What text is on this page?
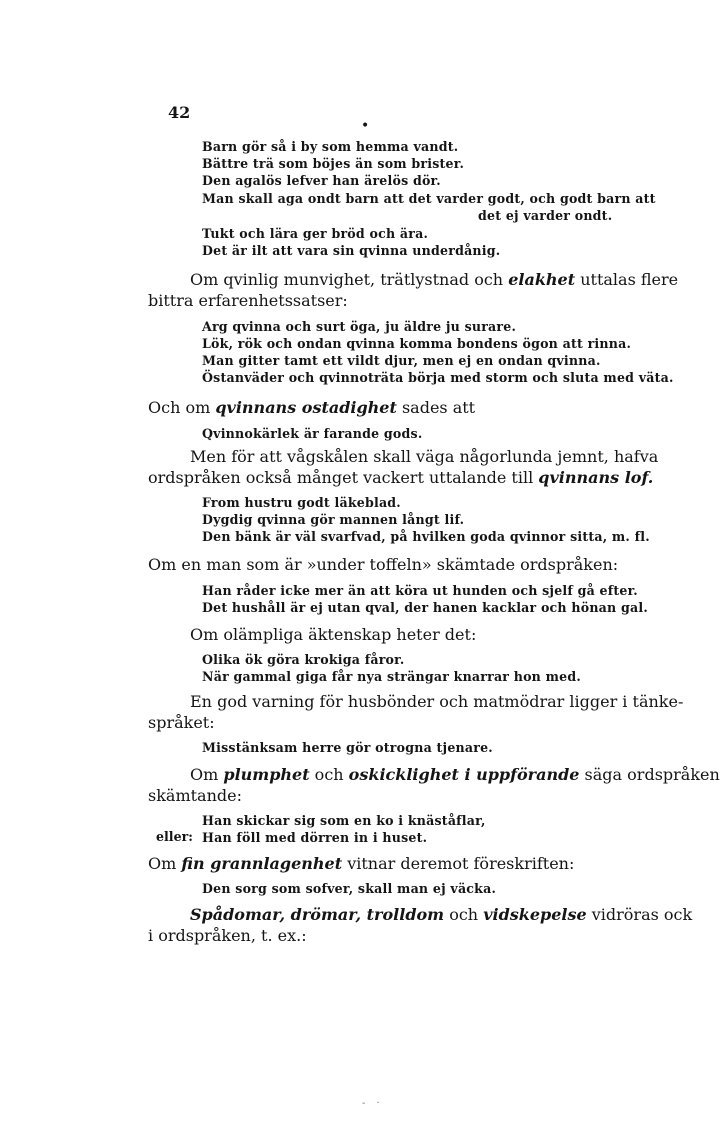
42
•
Barn gör så i by som hemma vandt.
Bättre trä som böjes än som brister.
Den agalös lefver han ärelös dör.
Man skall aga ondt barn att det varder godt, och godt barn att
det ej varder ondt.
Tukt och lära ger bröd och ära.
Det är ilt att vara sin qvinna underdånig.
Om qvinlig munvighet, trätlystnad och elakhet uttalas flere
bittra erfarenhetssatser:
Arg qvinna och surt öga, ju äldre ju surare.
Lök, rök och ondan qvinna komma bondens ögon att rinna.
Man gitter tamt ett vildt djur, men ej en ondan qvinna.
Östanväder och qvinnoträta börja med storm och sluta med väta.
Och om qvinnans ostadighet sades att
Qvinnokärlek är farande gods.
Men för att vågskålen skall väga någorlunda jemnt, hafva
ordspråken också månget vackert uttalande till qvinnans lof.
From hustru godt läkeblad.
Dygdig qvinna gör mannen långt lif.
Den bänk är väl svarfvad, på hvilken goda qvinnor sitta, m. fl.
Om en man som är »under toffeln» skämtade ordspråken:
Han råder icke mer än att köra ut hunden och sjelf gå efter.
Det hushåll är ej utan qval, der hanen kacklar och hönan gal.
Om olämpliga äktenskap heter det:
Olika ök göra krokiga fåror.
När gammal giga får nya strängar knarrar hon med.
En god varning för husbönder och matmödrar ligger i tänke-
språket:
Misstänksam herre gör otrogna tjenare.
Om plumphet och oskicklighet i uppförande säga ordspråken
skämtande:
Han skickar sig som en ko i knäståflar,
eller: Han föll med dörren in i huset.
Om fin grannlagenhet vitnar deremot föreskriften:
Den sorg som sofver, skall man ej väcka.
Spådomar, drömar, trolldom och vidskepelse vidröras ock
i ordspråken, t. ex.:
- ·
